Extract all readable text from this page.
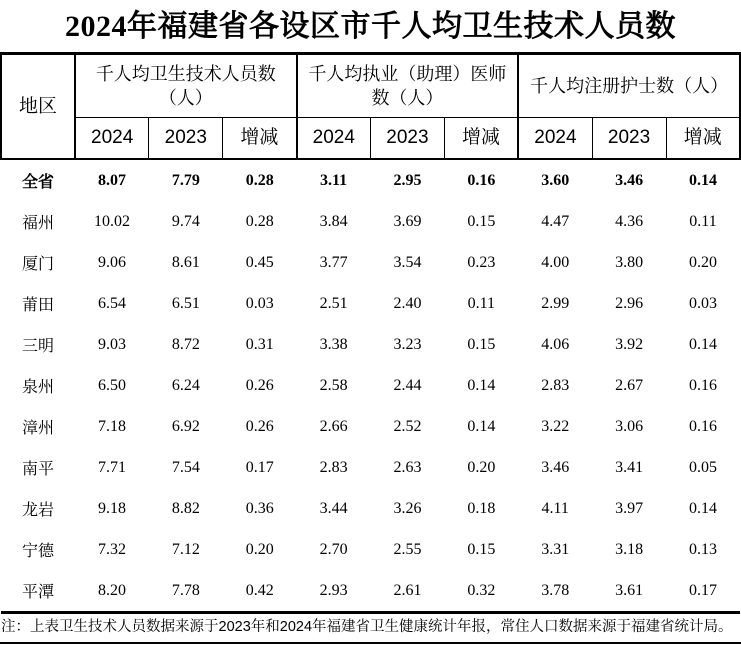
2024年福建省各设区市千人均卫生技术人员数
地区	千人均卫生技术人员数（人）			千人均执业（助理）医师数（人）			千人均注册护士数（人）		
	2024	2023	增减	2024	2023	增减	2024	2023	增减
全省	8.07	7.79	0.28	3.11	2.95	0.16	3.60	3.46	0.14
福州	10.02	9.74	0.28	3.84	3.69	0.15	4.47	4.36	0.11
厦门	9.06	8.61	0.45	3.77	3.54	0.23	4.00	3.80	0.20
莆田	6.54	6.51	0.03	2.51	2.40	0.11	2.99	2.96	0.03
三明	9.03	8.72	0.31	3.38	3.23	0.15	4.06	3.92	0.14
泉州	6.50	6.24	0.26	2.58	2.44	0.14	2.83	2.67	0.16
漳州	7.18	6.92	0.26	2.66	2.52	0.14	3.22	3.06	0.16
南平	7.71	7.54	0.17	2.83	2.63	0.20	3.46	3.41	0.05
龙岩	9.18	8.82	0.36	3.44	3.26	0.18	4.11	3.97	0.14
宁德	7.32	7.12	0.20	2.70	2.55	0.15	3.31	3.18	0.13
平潭	8.20	7.78	0.42	2.93	2.61	0.32	3.78	3.61	0.17

注：上表卫生技术人员数据来源于2023年和2024年福建省卫生健康统计年报，常住人口数据来源于福建省统计局。
